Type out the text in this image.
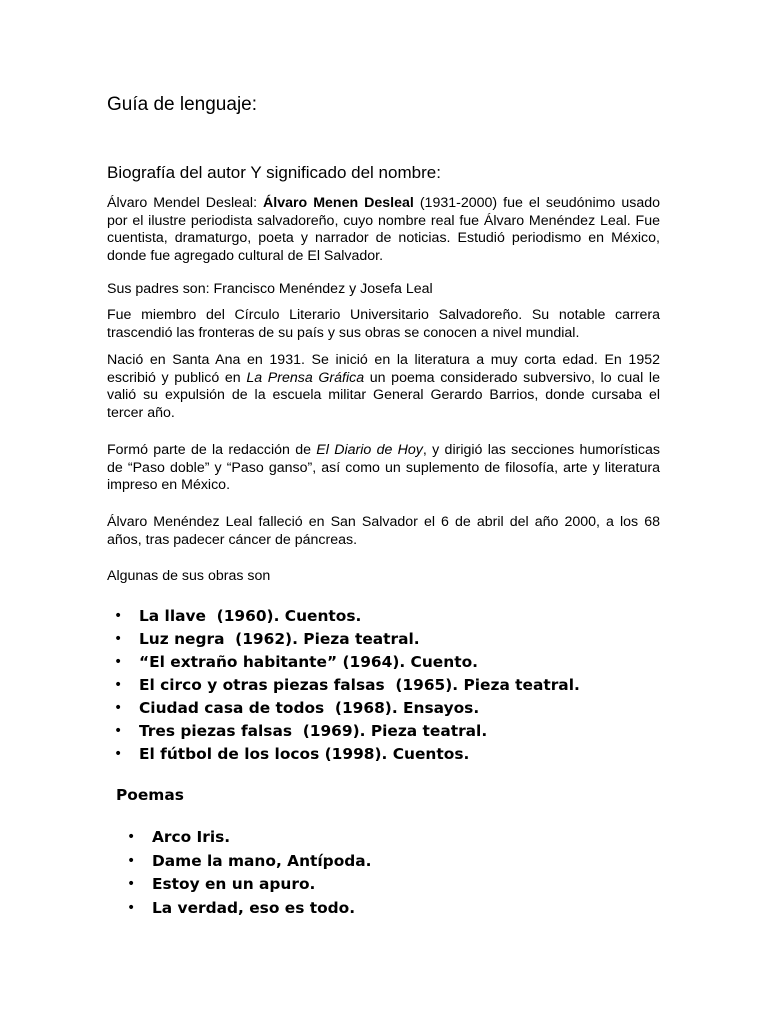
Guía de lenguaje:
Biografía del autor Y significado del nombre:
Álvaro Mendel Desleal: Álvaro Menen Desleal (1931-2000) fue el seudónimo usado por el ilustre periodista salvadoreño, cuyo nombre real fue Álvaro Menéndez Leal. Fue cuentista, dramaturgo, poeta y narrador de noticias. Estudió periodismo en México, donde fue agregado cultural de El Salvador.
Sus padres son: Francisco Menéndez y Josefa Leal
Fue miembro del Círculo Literario Universitario Salvadoreño. Su notable carrera trascendió las fronteras de su país y sus obras se conocen a nivel mundial.
Nació en Santa Ana en 1931. Se inició en la literatura a muy corta edad. En 1952 escribió y publicó en La Prensa Gráfica un poema considerado subversivo, lo cual le valió su expulsión de la escuela militar General Gerardo Barrios, donde cursaba el tercer año.
Formó parte de la redacción de El Diario de Hoy, y dirigió las secciones humorísticas de “Paso doble” y “Paso ganso”, así como un suplemento de filosofía, arte y literatura impreso en México.
Álvaro Menéndez Leal falleció en San Salvador el 6 de abril del año 2000, a los 68 años, tras padecer cáncer de páncreas.
Algunas de sus obras son
• La llave  (1960). Cuentos.
• Luz negra  (1962). Pieza teatral.
• “El extraño habitante” (1964). Cuento.
• El circo y otras piezas falsas  (1965). Pieza teatral.
• Ciudad casa de todos  (1968). Ensayos.
• Tres piezas falsas  (1969). Pieza teatral.
• El fútbol de los locos (1998). Cuentos.
Poemas
• Arco Iris.
• Dame la mano, Antípoda.
• Estoy en un apuro.
• La verdad, eso es todo.
